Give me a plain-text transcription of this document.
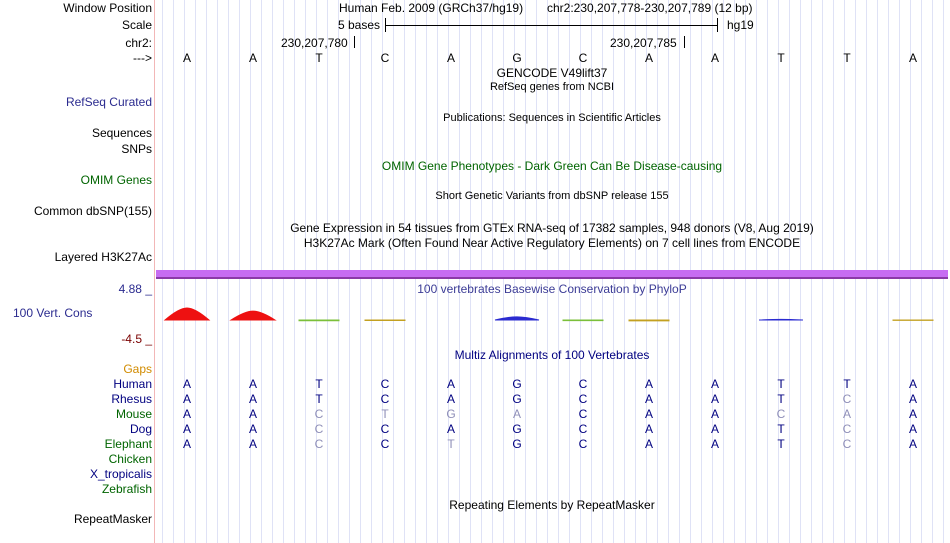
Window Position	Human Feb. 2009 (GRCh37/hg19) chr2:230,207,778-230,207,789 (12 bp)
Scale	5 bases	hg19
chr2:	230,207,780	230,207,785
--->	A	A	T	C	A	G	C	A	A	T	T	A
GENCODE V49lift37
RefSeq genes from NCBI
RefSeq Curated
Publications: Sequences in Scientific Articles
Sequences
SNPs
OMIM Gene Phenotypes - Dark Green Can Be Disease-causing
OMIM Genes
Short Genetic Variants from dbSNP release 155
Common dbSNP(155)
Gene Expression in 54 tissues from GTEx RNA-seq of 17382 samples, 948 donors (V8, Aug 2019)
H3K27Ac Mark (Often Found Near Active Regulatory Elements) on 7 cell lines from ENCODE
Layered H3K27Ac
4.88 _	100 vertebrates Basewise Conservation by PhyloP
100 Vert. Cons
-4.5 _
Multiz Alignments of 100 Vertebrates
Gaps
Human	A	A	T	C	A	G	C	A	A	T	T	A
Rhesus	A	A	T	C	A	G	C	A	A	T	C	A
Mouse	A	A	C	T	G	A	C	A	A	C	A	A
Dog	A	A	C	C	A	G	C	A	A	T	C	A
Elephant	A	A	C	C	T	G	C	A	A	T	C	A
Chicken
X_tropicalis
Zebrafish
Repeating Elements by RepeatMasker
RepeatMasker
